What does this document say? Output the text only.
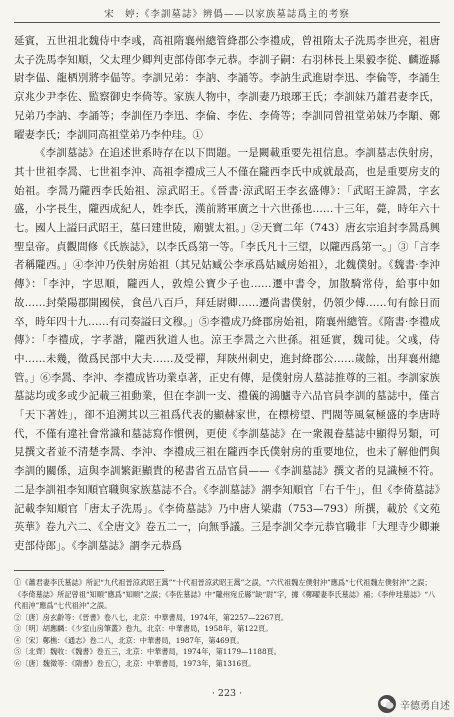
宋　婷:《李訓墓誌》辨僞——以家族墓誌爲主的考察

延賓，五世祖北魏侍中李彧，高祖隋襄州總管絳郡公李禮成，曾祖隋太子洗馬李世亮，祖唐太子洗馬李知順，父太理少卿判吏部侍郎李元恭。李訓子嗣：右羽林長上果毅李從、麟遊縣尉李偘、龍栖別將李偘等。李訓兄弟：李訥、李誦等。李訥生武進尉李迅、李倫等，李誦生京兆少尹李佐、監察御史李倚等。家族人物中，李訓妻乃琅琊王氏；李訓妹乃蕭君妻李氏，兄弟乃李訥、李誦等；李訓侄乃李迅、李倫、李佐、李倚等；李訓同曾祖堂弟妹乃李顒、鄭曜妻李氏；李訓同高祖堂弟乃李仲珪。①

《李訓墓誌》在追述世系時存在以下問題。一是闕載重要先祖信息。李訓墓志佚射房，其十世祖李暠、七世祖李沖、高祖李禮成三人不僅在隴西李氏中成就最高，也是重要房支的始祖。李暠乃隴西李氏始祖、涼武昭王。《晉書·涼武昭王李玄盛傳》：「武昭王諱暠，字玄盛，小字長生，隴西成紀人，姓李氏，漢前將軍廣之十六世孫也……十三年，薨，時年六十七。國人上謚曰武昭王，墓曰建世陵，廟號太祖。」②天寶二年（743）唐玄宗追封李暠爲興聖皇帝。貞觀間修《氏族誌》，以李氏爲第一等。「李氏凡十三望，以隴西爲第一。」③「言李者稱隴西。」④李沖乃佚射房始祖（其兄姑臧公李承爲姑臧房始祖），北魏僕射。《魏書·李沖傳》：「李沖，字思順，隴西人，敦煌公寶少子也……遷中書令，加散騎常侍，給事中如故……封榮陽郡開國侯，食邑八百戶，拜廷尉卿……遷尚書僕射，仍領少傅……旬有餘日而卒，時年四十九……有司奏謚曰文穆。」⑤李禮成乃絳郡房始祖，隋襄州總管。《隋書·李禮成傳》：「李禮成，字孝諧，隴西狄道人也。涼王李暠之六世孫。祖延實，魏司徒。父彧，侍中……未幾，徵爲民部中大夫……及受禪，拜陝州刺史，進封絳郡公……歲餘，出拜襄州總管。」⑥李暠、李沖、李禮成皆功業卓著，正史有傳，是僕射房人墓誌推尊的三祖。李訓家族墓誌均或多或少記載三祖動業，但在李訓一支、禮儀的鴻臚寺六品官員李訓的墓誌中，僅言「天下著姓」，卻不追溯其以三祖爲代表的顯赫家世，在標榜望、門閥等風氣極盛的李唐時代，不僅有違社會常識和墓誌寫作慣例，更使《李訓墓誌》在一衆親眷墓誌中顯得另類，可見撰文者並不清楚李暠、李沖、李禮成三祖在隴西李氏僕射房的重要地位，也未了解他們與李訓的關係，這與李訓繁鉅顯貴的秘書省五品官員——《李訓墓誌》撰文者的見識極不符。二是李訓祖李知順官職與家族墓誌不合。《李訓墓誌》謂李知順官「右千牛」，但《李倚墓誌》記載李知順官「唐太子洗馬」。《李倚墓誌》乃中唐人梁肅（753—793）所撰，載於《文苑英華》卷九六二、《全唐文》卷五二一，向無爭議。三是李訓父李元恭官職非「大理寺少卿兼吏部侍郎」。《李訓墓誌》謂李元恭爲

①《蕭君妻李氏墓誌》所記“九代祖晉涼武昭王暠”“十代祖晉涼武昭王暠”之誤，“六代祖魏左僕射沖”應爲“七代祖魏左僕射沖”之誤；《李倚墓誌》所記曾祖“知順”應爲“知順”之誤；《李佐墓誌》中“隴州宛丘縣”缺“尉”字，據《鄭曜妻李氏墓誌》補；《李仲珪墓誌》“八代祖沖”應爲“七代祖沖”之誤。

②〔唐〕房玄齡等：《晉書》卷八七，北京：中華書局，1974年，第2257—2267頁。

③〔明〕胡應麟：《少室山房筆叢》卷九，北京：中華書局，1958年，第122頁。

④〔宋〕鄭樵：《通志》卷二八，北京：中華書局，1987年，第469頁。

⑤〔北齊〕魏收：《魏書》卷五三，北京：中華書局，1974年，第1179—1188頁。

⑥〔唐〕魏徵等：《隋書》卷五〇，北京：中華書局，1973年，第1316頁。

· 223 ·
辛德勇自述
